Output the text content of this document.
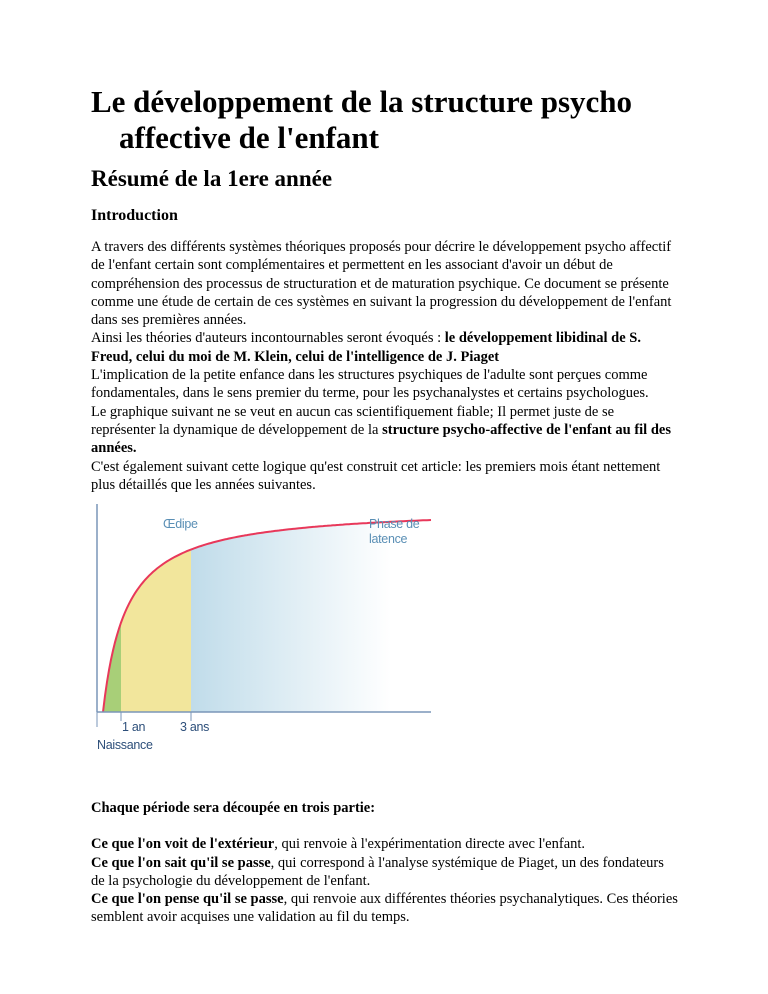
Le développement de la structure psycho affective de l'enfant
Résumé de la 1ere année
Introduction

A travers des différents systèmes théoriques proposés pour décrire le développement psycho affectif de l'enfant certain sont complémentaires et permettent en les associant d'avoir un début de compréhension des processus de structuration et de maturation psychique. Ce document se présente comme une étude de certain de ces systèmes en suivant la progression du développement de l'enfant dans ses premières années.
Ainsi les théories d'auteurs incontournables seront évoqués : le développement libidinal de S. Freud, celui du moi de M. Klein, celui de l'intelligence de J. Piaget
L'implication de la petite enfance dans les structures psychiques de l'adulte sont perçues comme fondamentales, dans le sens premier du terme, pour les psychanalystes et certains psychologues.
Le graphique suivant ne se veut en aucun cas scientifiquement fiable; Il permet juste de se représenter la dynamique de développement de la structure psycho-affective de l'enfant au fil des années.
C'est également suivant cette logique qu'est construit cet article: les premiers mois étant nettement plus détaillés que les années suivantes.

Chaque période sera découpée en trois partie:
Ce que l'on voit de l'extérieur, qui renvoie à l'expérimentation directe avec l'enfant.
Ce que l'on sait qu'il se passe, qui correspond à l'analyse systémique de Piaget, un des fondateurs de la psychologie du développement de l'enfant.
Ce que l'on pense qu'il se passe, qui renvoie aux différentes théories psychanalytiques. Ces théories semblent avoir acquises une validation au fil du temps.

Œdipe	Phase de
latence
1 an	3 ans
Naissance
